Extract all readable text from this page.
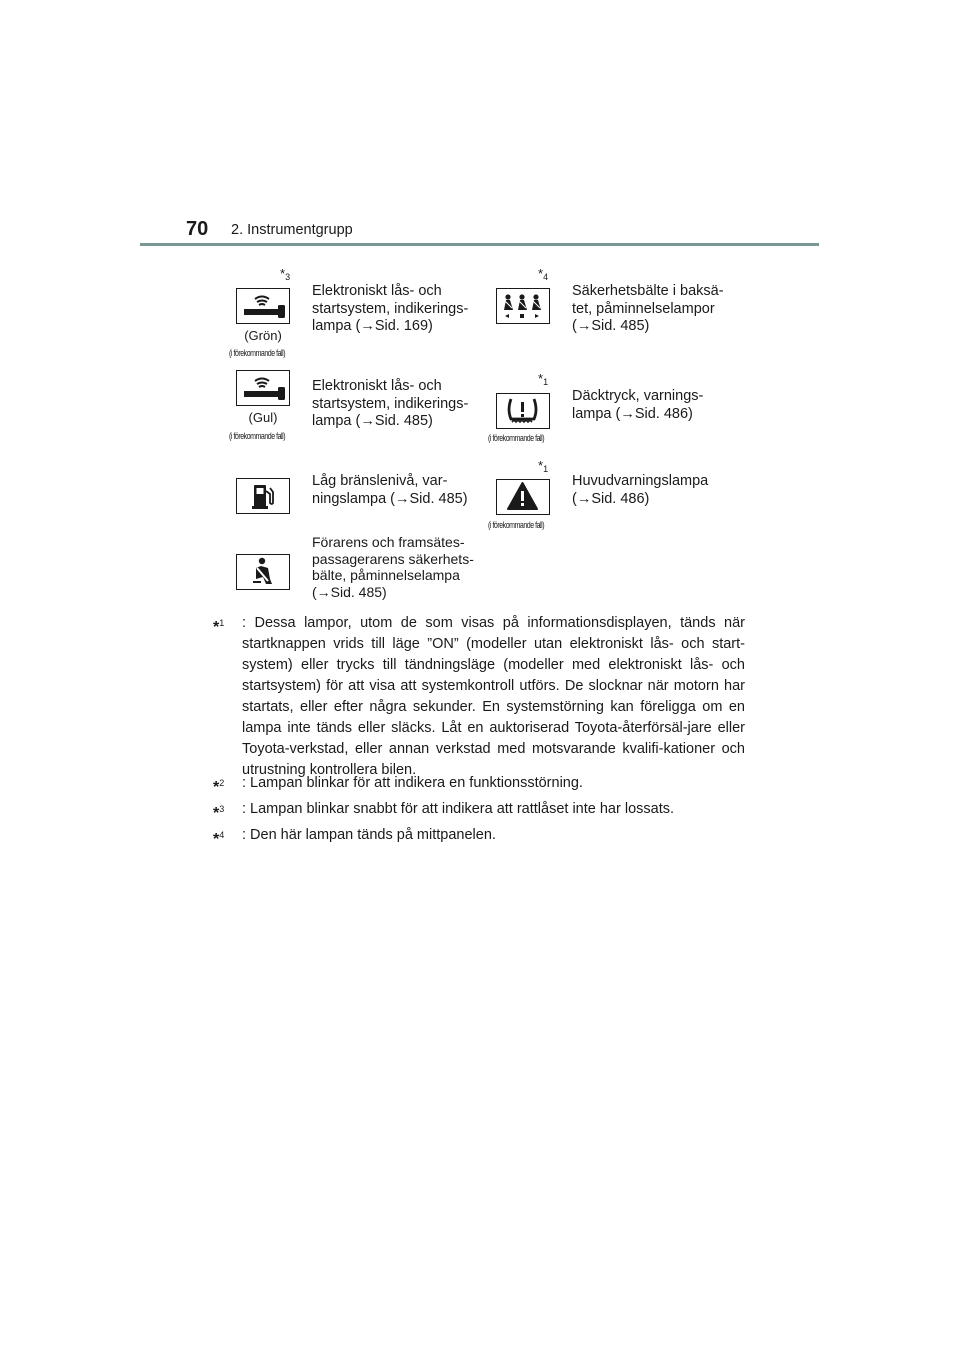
70 2. Instrumentgrupp
$*_3$
(Grön)
(i förekommande fall)
Elektroniskt lås- och
startsystem, indikerings-
lampa (→Sid. 169)
$*_4$
Säkerhetsbälte i baksä-
tet, påminnelselampor
(→Sid. 485)
(Gul)
(i förekommande fall)
Elektroniskt lås- och
startsystem, indikerings-
lampa (→Sid. 485)
$*_1$
(i förekommande fall)
Däcktryck, varnings-
lampa (→Sid. 486)
Låg bränslenivå, var-
ningslampa (→Sid. 485)
$*_1$
(i förekommande fall)
Huvudvarningslampa
(→Sid. 486)
Förarens och framsätes-
passagerarens säkerhets-
bälte, påminnelselampa
(→Sid. 485)
*$^1$ : Dessa lampor, utom de som visas på informationsdisplayen, tänds när startknappen vrids till läge ”ON” (modeller utan elektroniskt lås- och start-system) eller trycks till tändningsläge (modeller med elektroniskt lås- och startsystem) för att visa att systemkontroll utförs. De slocknar när motorn har startats, eller efter några sekunder. En systemstörning kan föreligga om en lampa inte tänds eller släcks. Låt en auktoriserad Toyota-återförsäl-jare eller Toyota-verkstad, eller annan verkstad med motsvarande kvalifi-kationer och utrustning kontrollera bilen.
*$^2$ : Lampan blinkar för att indikera en funktionsstörning.
*$^3$ : Lampan blinkar snabbt för att indikera att rattlåset inte har lossats.
*$^4$ : Den här lampan tänds på mittpanelen.
